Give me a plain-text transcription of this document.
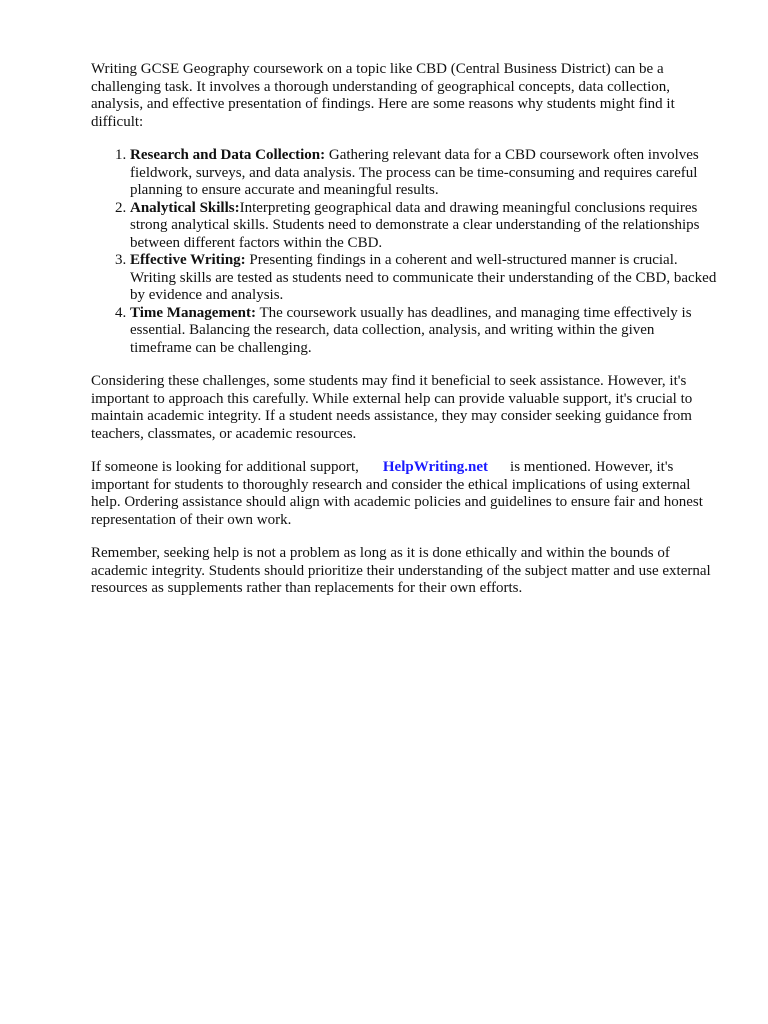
Writing GCSE Geography coursework on a topic like CBD (Central Business District) can be a challenging task. It involves a thorough understanding of geographical concepts, data collection, analysis, and effective presentation of findings. Here are some reasons why students might find it difficult:

1. Research and Data Collection: Gathering relevant data for a CBD coursework often involves fieldwork, surveys, and data analysis. The process can be time-consuming and requires careful planning to ensure accurate and meaningful results.
2. Analytical Skills:Interpreting geographical data and drawing meaningful conclusions requires strong analytical skills. Students need to demonstrate a clear understanding of the relationships between different factors within the CBD.
3. Effective Writing: Presenting findings in a coherent and well-structured manner is crucial. Writing skills are tested as students need to communicate their understanding of the CBD, backed by evidence and analysis.
4. Time Management: The coursework usually has deadlines, and managing time effectively is essential. Balancing the research, data collection, analysis, and writing within the given timeframe can be challenging.

Considering these challenges, some students may find it beneficial to seek assistance. However, it's important to approach this carefully. While external help can provide valuable support, it's crucial to maintain academic integrity. If a student needs assistance, they may consider seeking guidance from teachers, classmates, or academic resources.

If someone is looking for additional support, HelpWriting.net is mentioned. However, it's important for students to thoroughly research and consider the ethical implications of using external help. Ordering assistance should align with academic policies and guidelines to ensure fair and honest representation of their own work.

Remember, seeking help is not a problem as long as it is done ethically and within the bounds of academic integrity. Students should prioritize their understanding of the subject matter and use external resources as supplements rather than replacements for their own efforts.
